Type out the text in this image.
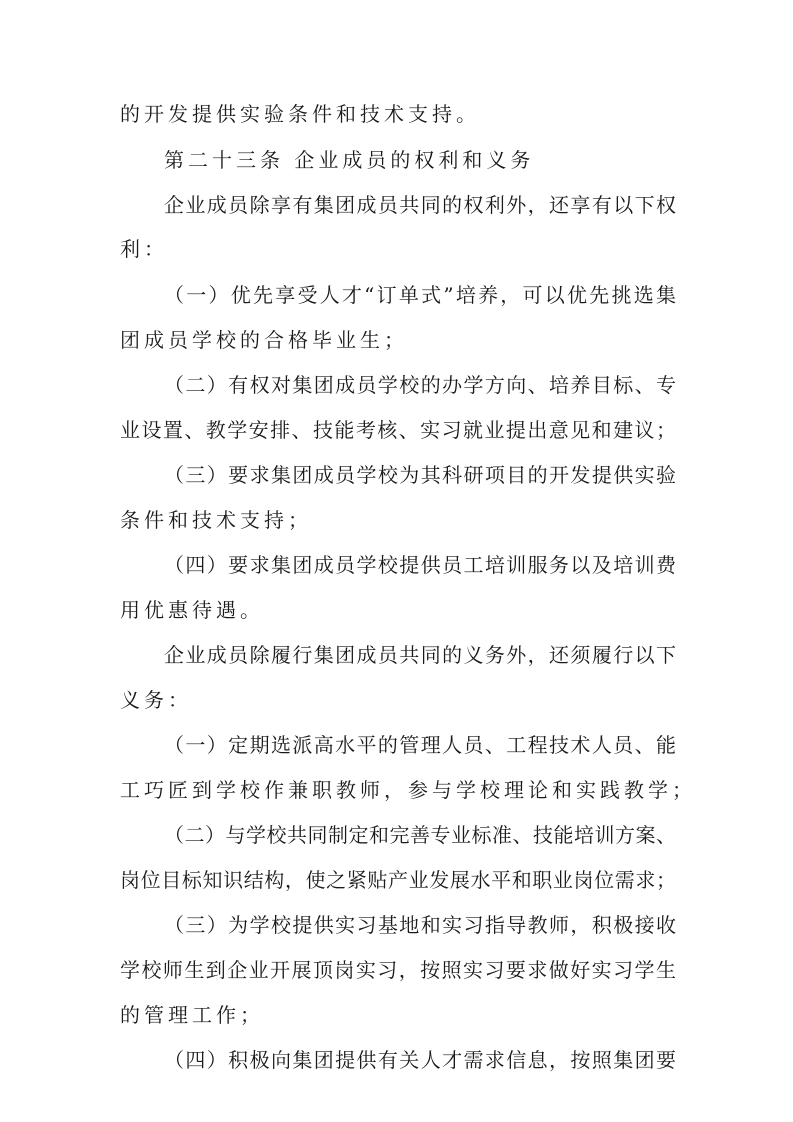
的开发提供实验条件和技术支持。
第二十三条 企业成员的权利和义务
企业成员除享有集团成员共同的权利外，还享有以下权
利：
（一）优先享受人才“订单式”培养，可以优先挑选集
团成员学校的合格毕业生；
（二）有权对集团成员学校的办学方向、培养目标、专
业设置、教学安排、技能考核、实习就业提出意见和建议；
（三）要求集团成员学校为其科研项目的开发提供实验
条件和技术支持；
（四）要求集团成员学校提供员工培训服务以及培训费
用优惠待遇。
企业成员除履行集团成员共同的义务外，还须履行以下
义务：
（一）定期选派高水平的管理人员、工程技术人员、能
工巧匠到学校作兼职教师，参与学校理论和实践教学；
（二）与学校共同制定和完善专业标准、技能培训方案、
岗位目标知识结构，使之紧贴产业发展水平和职业岗位需求；
（三）为学校提供实习基地和实习指导教师，积极接收
学校师生到企业开展顶岗实习，按照实习要求做好实习学生
的管理工作；
（四）积极向集团提供有关人才需求信息，按照集团要
